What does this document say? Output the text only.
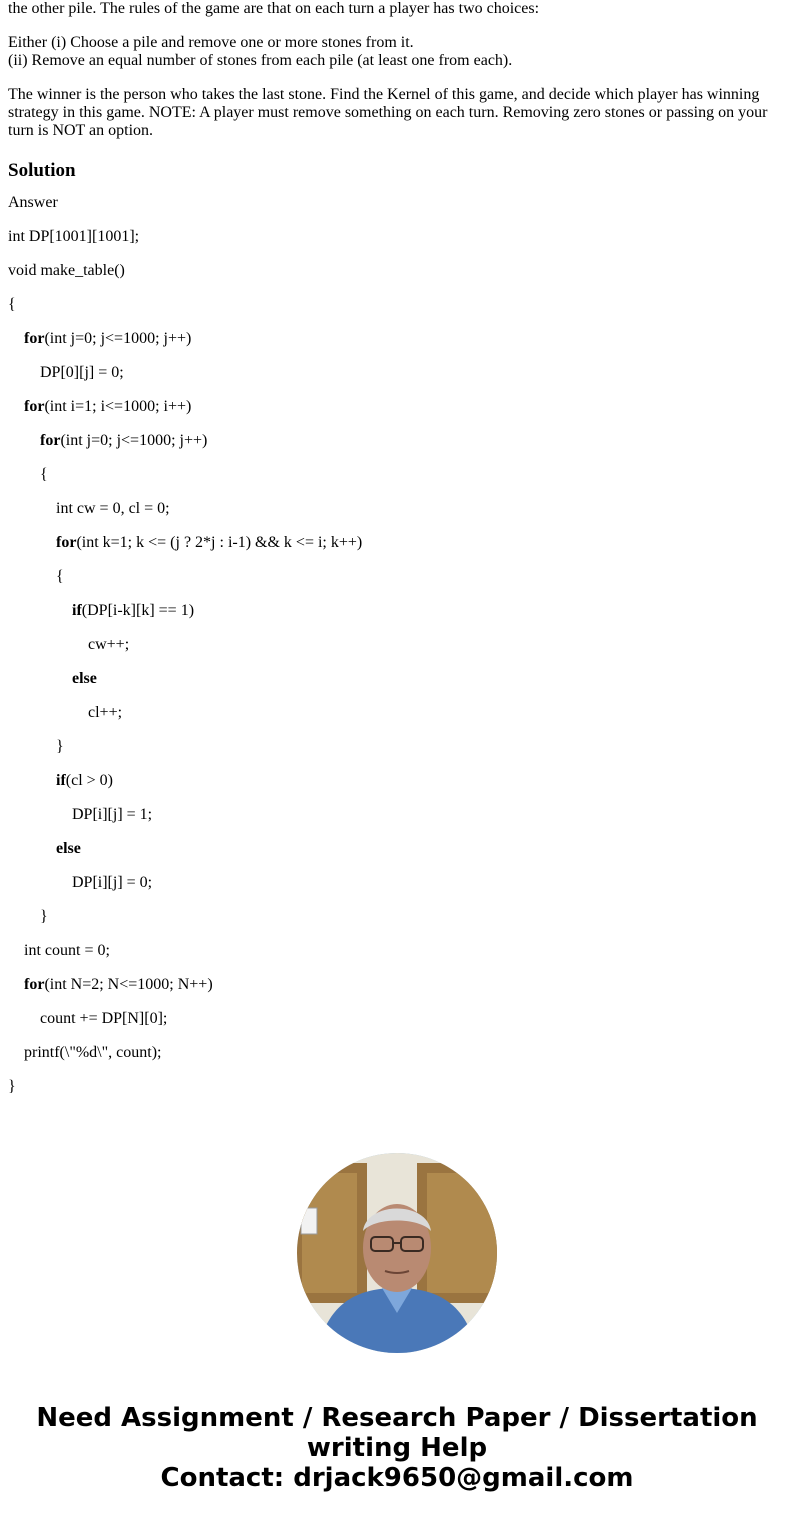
the other pile. The rules of the game are that on each turn a player has two choices:

Either (i) Choose a pile and remove one or more stones from it.

(ii) Remove an equal number of stones from each pile (at least one from each).

The winner is the person who takes the last stone. Find the Kernel of this game, and decide which player has winning strategy in this game. NOTE: A player must remove something on each turn. Removing zero stones or passing on your turn is NOT an option.

Solution

Answer

int DP[1001][1001];

void make_table()

{

for(int j=0; j<=1000; j++)

DP[0][j] = 0;

for(int i=1; i<=1000; i++)

for(int j=0; j<=1000; j++)

{

int cw = 0, cl = 0;

for(int k=1; k <= (j ? 2*j : i-1) && k <= i; k++)

{

if(DP[i-k][k] == 1)

cw++;

else

cl++;

}

if(cl > 0)

DP[i][j] = 1;

else

DP[i][j] = 0;

}

int count = 0;

for(int N=2; N<=1000; N++)

count += DP[N][0];

printf(\"%d\", count);

}

Need Assignment / Research Paper / Dissertation
writing Help
Contact: drjack9650@gmail.com
